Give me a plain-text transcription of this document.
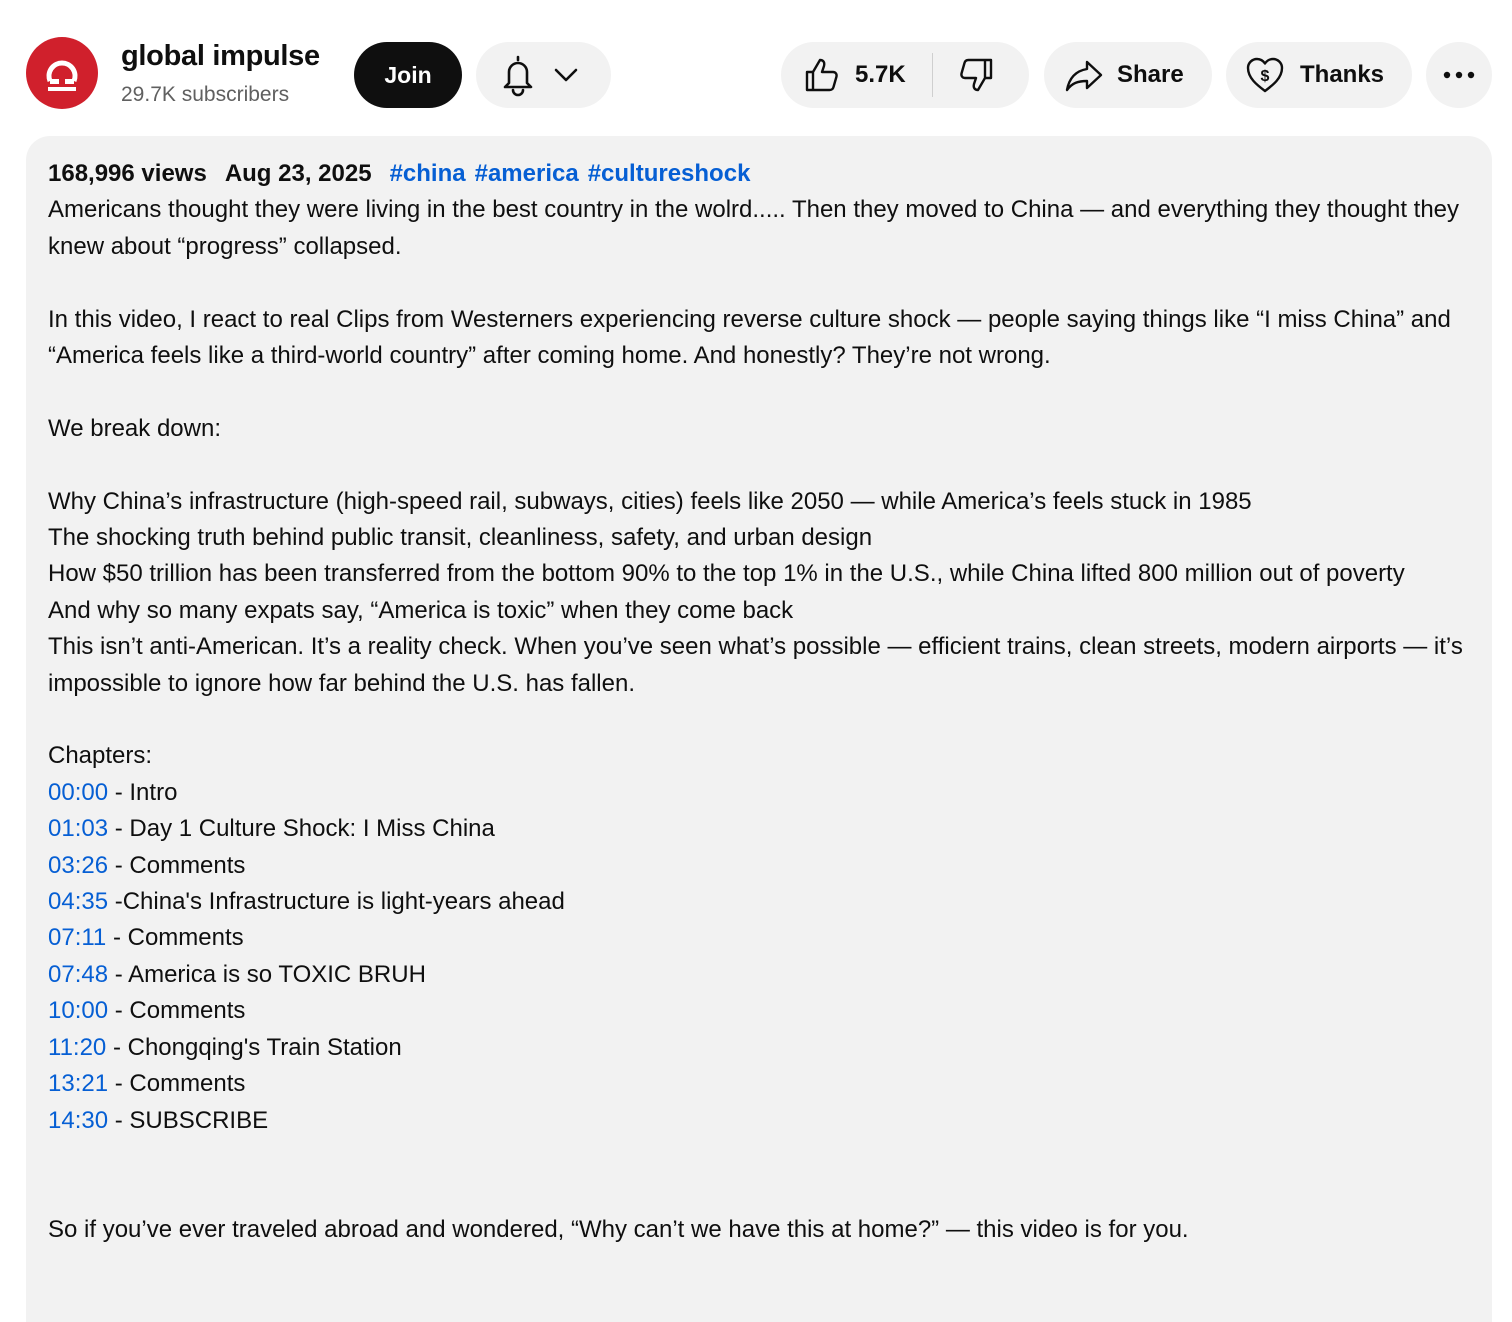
global impulse
29.7K subscribers
Join	5.7K	Share	$ Thanks
168,996 views Aug 23, 2025 #china #america #cultureshock

Americans thought they were living in the best country in the wolrd..... Then they moved to China — and everything they thought they knew about “progress” collapsed.

In this video, I react to real Clips from Westerners experiencing reverse culture shock — people saying things like “I miss China” and “America feels like a third-world country” after coming home. And honestly? They’re not wrong.

We break down:

Why China’s infrastructure (high-speed rail, subways, cities) feels like 2050 — while America’s feels stuck in 1985

The shocking truth behind public transit, cleanliness, safety, and urban design

How $50 trillion has been transferred from the bottom 90% to the top 1% in the U.S., while China lifted 800 million out of poverty

And why so many expats say, “America is toxic” when they come back

This isn’t anti-American. It’s a reality check. When you’ve seen what’s possible — efficient trains, clean streets, modern airports — it’s impossible to ignore how far behind the U.S. has fallen.

Chapters:

00:00 - Intro
01:03 - Day 1 Culture Shock: I Miss China
03:26 - Comments
04:35 -China's Infrastructure is light-years ahead
07:11 - Comments
07:48 - America is so TOXIC BRUH
10:00 - Comments
11:20 - Chongqing's Train Station
13:21 - Comments
14:30 - SUBSCRIBE

So if you’ve ever traveled abroad and wondered, “Why can’t we have this at home?” — this video is for you.
